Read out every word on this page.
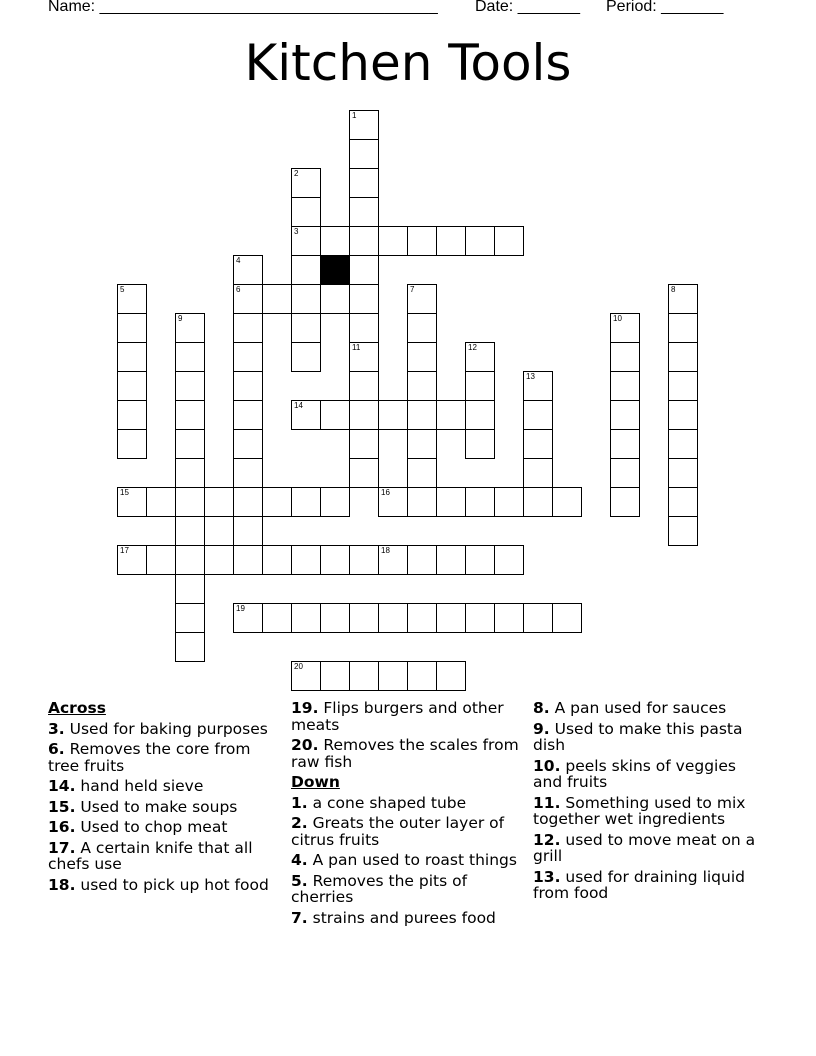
Name: ______________________________________ Date: _______ Period: _______
Kitchen Tools
1
2
3
4
6
5	7	8
9	10
11	12
13
14
15	16
17	18
19
20
Across
3. Used for baking purposes
6. Removes the core from tree fruits
14. hand held sieve
15. Used to make soups
16. Used to chop meat
17. A certain knife that all chefs use
18. used to pick up hot food
19. Flips burgers and other meats
20. Removes the scales from raw fish
Down
1. a cone shaped tube
2. Greats the outer layer of citrus fruits
4. A pan used to roast things
5. Removes the pits of cherries
7. strains and purees food
8. A pan used for sauces
9. Used to make this pasta dish
10. peels skins of veggies and fruits
11. Something used to mix together wet ingredients
12. used to move meat on a grill
13. used for draining liquid from food
